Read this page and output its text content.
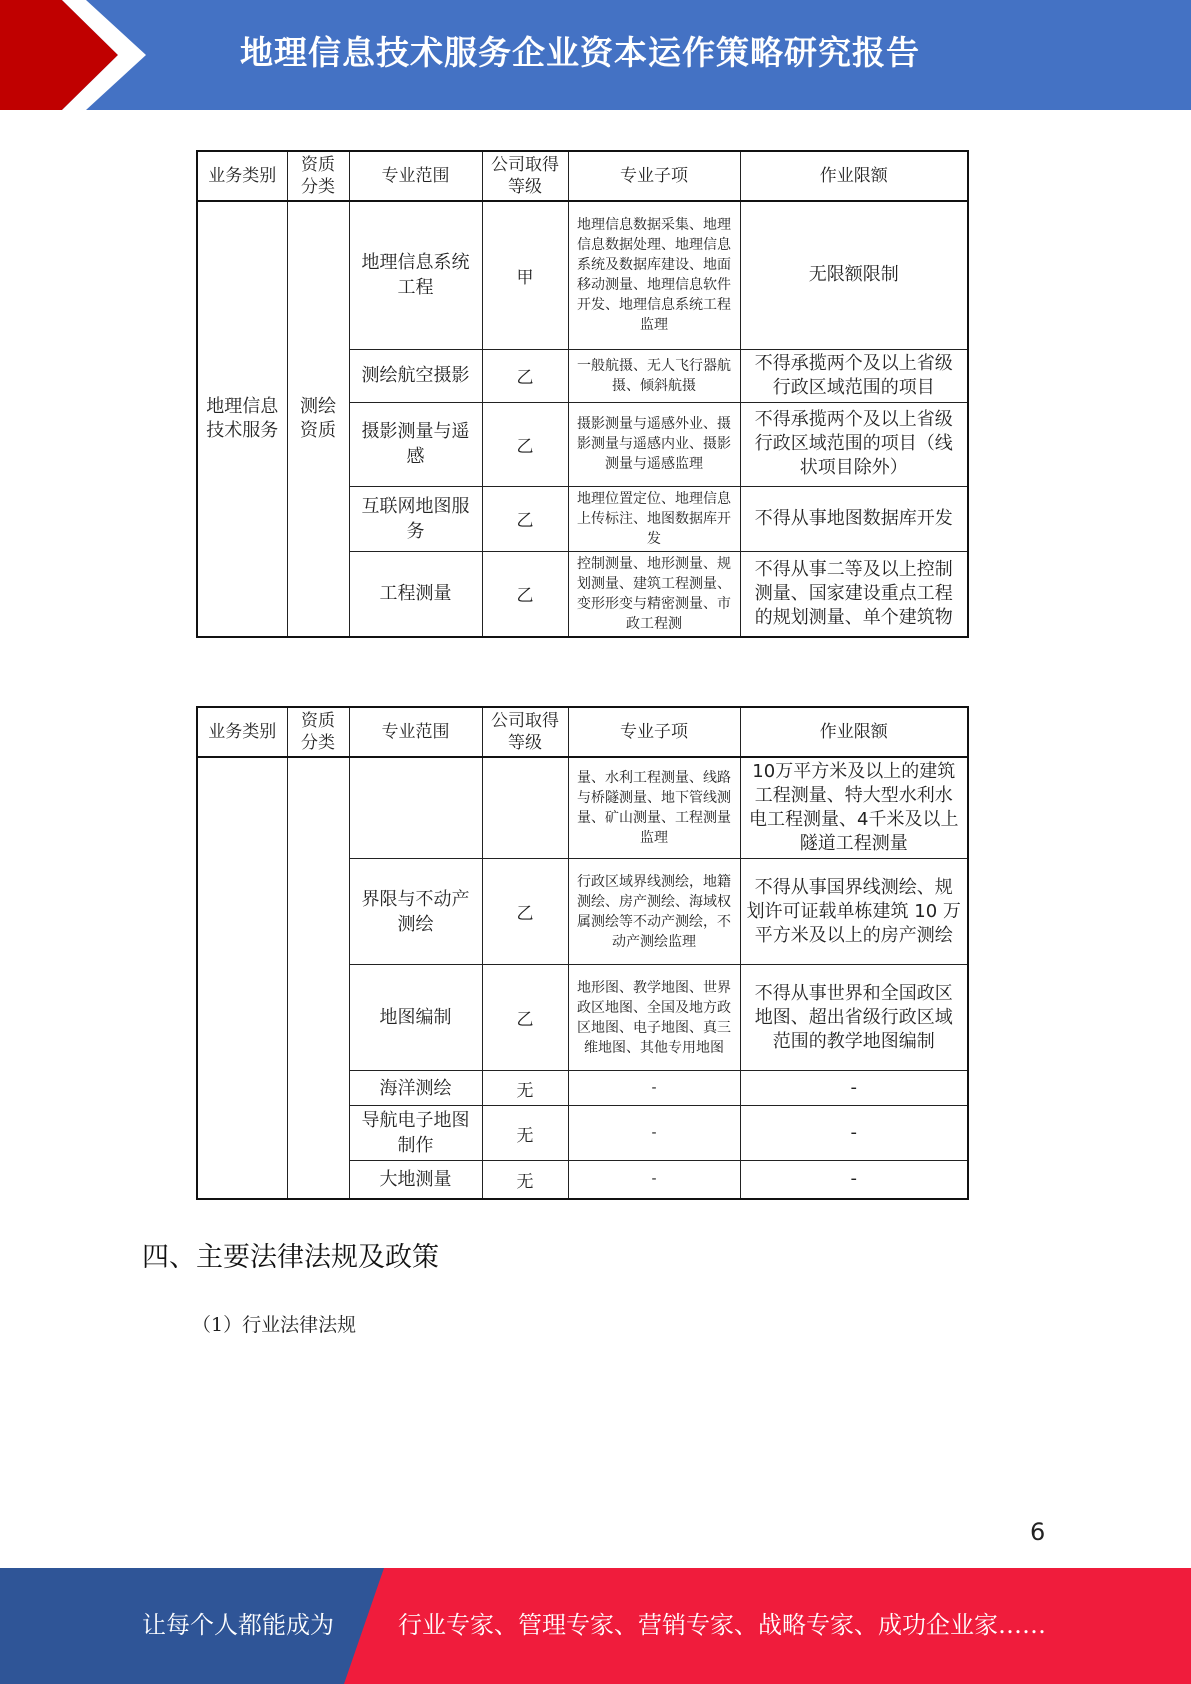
地理信息技术服务企业资本运作策略研究报告
业务类别	资质分类	专业范围	公司取得等级	专业子项	作业限额
地理信息技术服务	测绘资质	地理信息系统工程	甲	地理信息数据采集、地理信息数据处理、地理信息系统及数据库建设、地面移动测量、地理信息软件开发、地理信息系统工程监理	无限额限制
		测绘航空摄影	乙	一般航摄、无人飞行器航摄、倾斜航摄	不得承揽两个及以上省级行政区域范围的项目
		摄影测量与遥感	乙	摄影测量与遥感外业、摄影测量与遥感内业、摄影测量与遥感监理	不得承揽两个及以上省级行政区域范围的项目（线状项目除外）
		互联网地图服务	乙	地理位置定位、地理信息上传标注、地图数据库开发	不得从事地图数据库开发
		工程测量	乙	控制测量、地形测量、规划测量、建筑工程测量、变形形变与精密测量、市政工程测	不得从事二等及以上控制测量、国家建设重点工程的规划测量、单个建筑物
业务类别	资质分类	专业范围	公司取得等级	专业子项	作业限额
				量、水利工程测量、线路与桥隧测量、地下管线测量、矿山测量、工程测量监理	10万平方米及以上的建筑工程测量、特大型水利水电工程测量、4千米及以上隧道工程测量
		界限与不动产测绘	乙	行政区域界线测绘，地籍测绘、房产测绘、海域权属测绘等不动产测绘，不动产测绘监理	不得从事国界线测绘、规划许可证载单栋建筑 10 万平方米及以上的房产测绘
		地图编制	乙	地形图、教学地图、世界政区地图、全国及地方政区地图、电子地图、真三维地图、其他专用地图	不得从事世界和全国政区地图、超出省级行政区域范围的教学地图编制
		海洋测绘	无	-	-
		导航电子地图制作	无	-	-
		大地测量	无	-	-
四、主要法律法规及政策
（1）行业法律法规
6
让每个人都能成为	行业专家、管理专家、营销专家、战略专家、成功企业家……
